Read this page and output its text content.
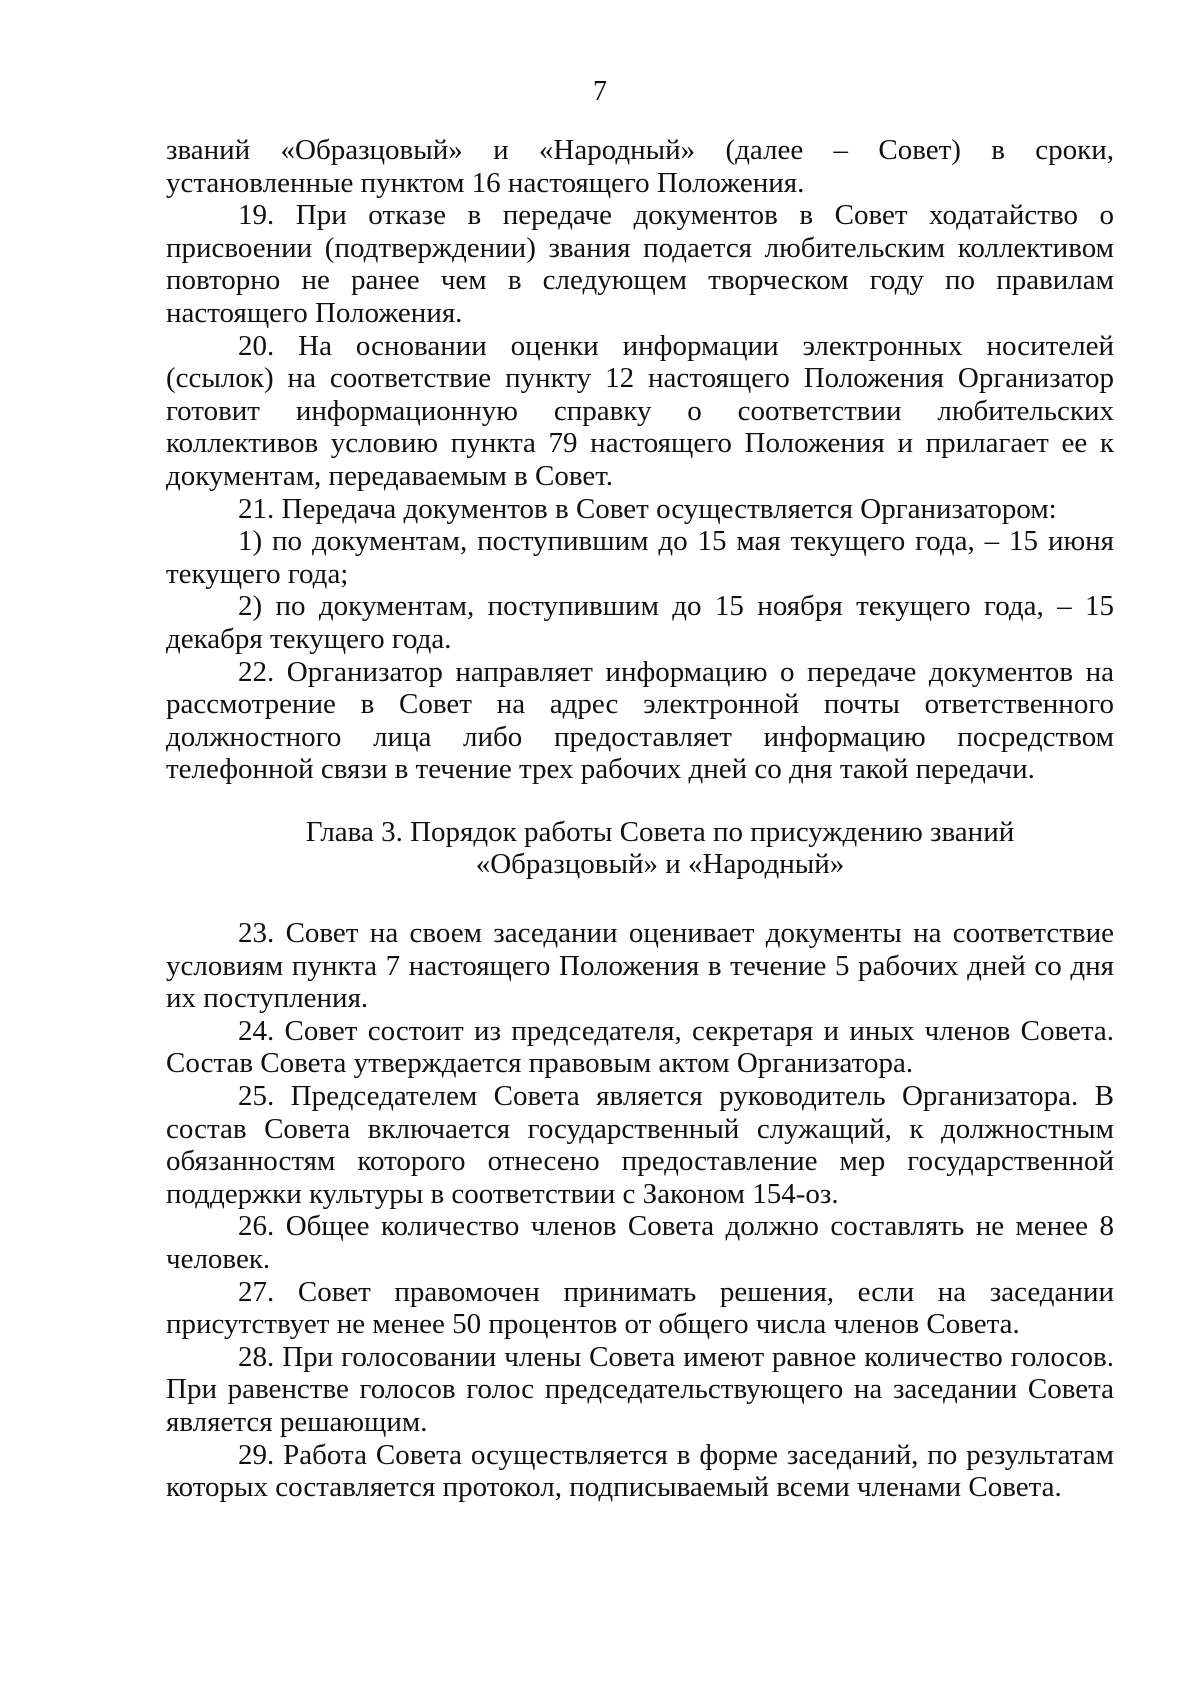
7

званий «Образцовый» и «Народный» (далее – Совет) в сроки, установленные пунктом 16 настоящего Положения.

19. При отказе в передаче документов в Совет ходатайство о присвоении (подтверждении) звания подается любительским коллективом повторно не ранее чем в следующем творческом году по правилам настоящего Положения.

20. На основании оценки информации электронных носителей (ссылок) на соответствие пункту 12 настоящего Положения Организатор готовит информационную справку о соответствии любительских коллективов условию пункта 79 настоящего Положения и прилагает ее к документам, передаваемым в Совет.

21. Передача документов в Совет осуществляется Организатором:

1) по документам, поступившим до 15 мая текущего года, – 15 июня текущего года;

2) по документам, поступившим до 15 ноября текущего года, – 15 декабря текущего года.

22. Организатор направляет информацию о передаче документов на рассмотрение в Совет на адрес электронной почты ответственного должностного лица либо предоставляет информацию посредством телефонной связи в течение трех рабочих дней со дня такой передачи.

Глава 3. Порядок работы Совета по присуждению званий
«Образцовый» и «Народный»

23. Совет на своем заседании оценивает документы на соответствие условиям пункта 7 настоящего Положения в течение 5 рабочих дней со дня их поступления.

24. Совет состоит из председателя, секретаря и иных членов Совета. Состав Совета утверждается правовым актом Организатора.

25. Председателем Совета является руководитель Организатора. В состав Совета включается государственный служащий, к должностным обязанностям которого отнесено предоставление мер государственной поддержки культуры в соответствии с Законом 154-оз.

26. Общее количество членов Совета должно составлять не менее 8 человек.

27. Совет правомочен принимать решения, если на заседании присутствует не менее 50 процентов от общего числа членов Совета.

28. При голосовании члены Совета имеют равное количество голосов. При равенстве голосов голос председательствующего на заседании Совета является решающим.

29. Работа Совета осуществляется в форме заседаний, по результатам которых составляется протокол, подписываемый всеми членами Совета.
